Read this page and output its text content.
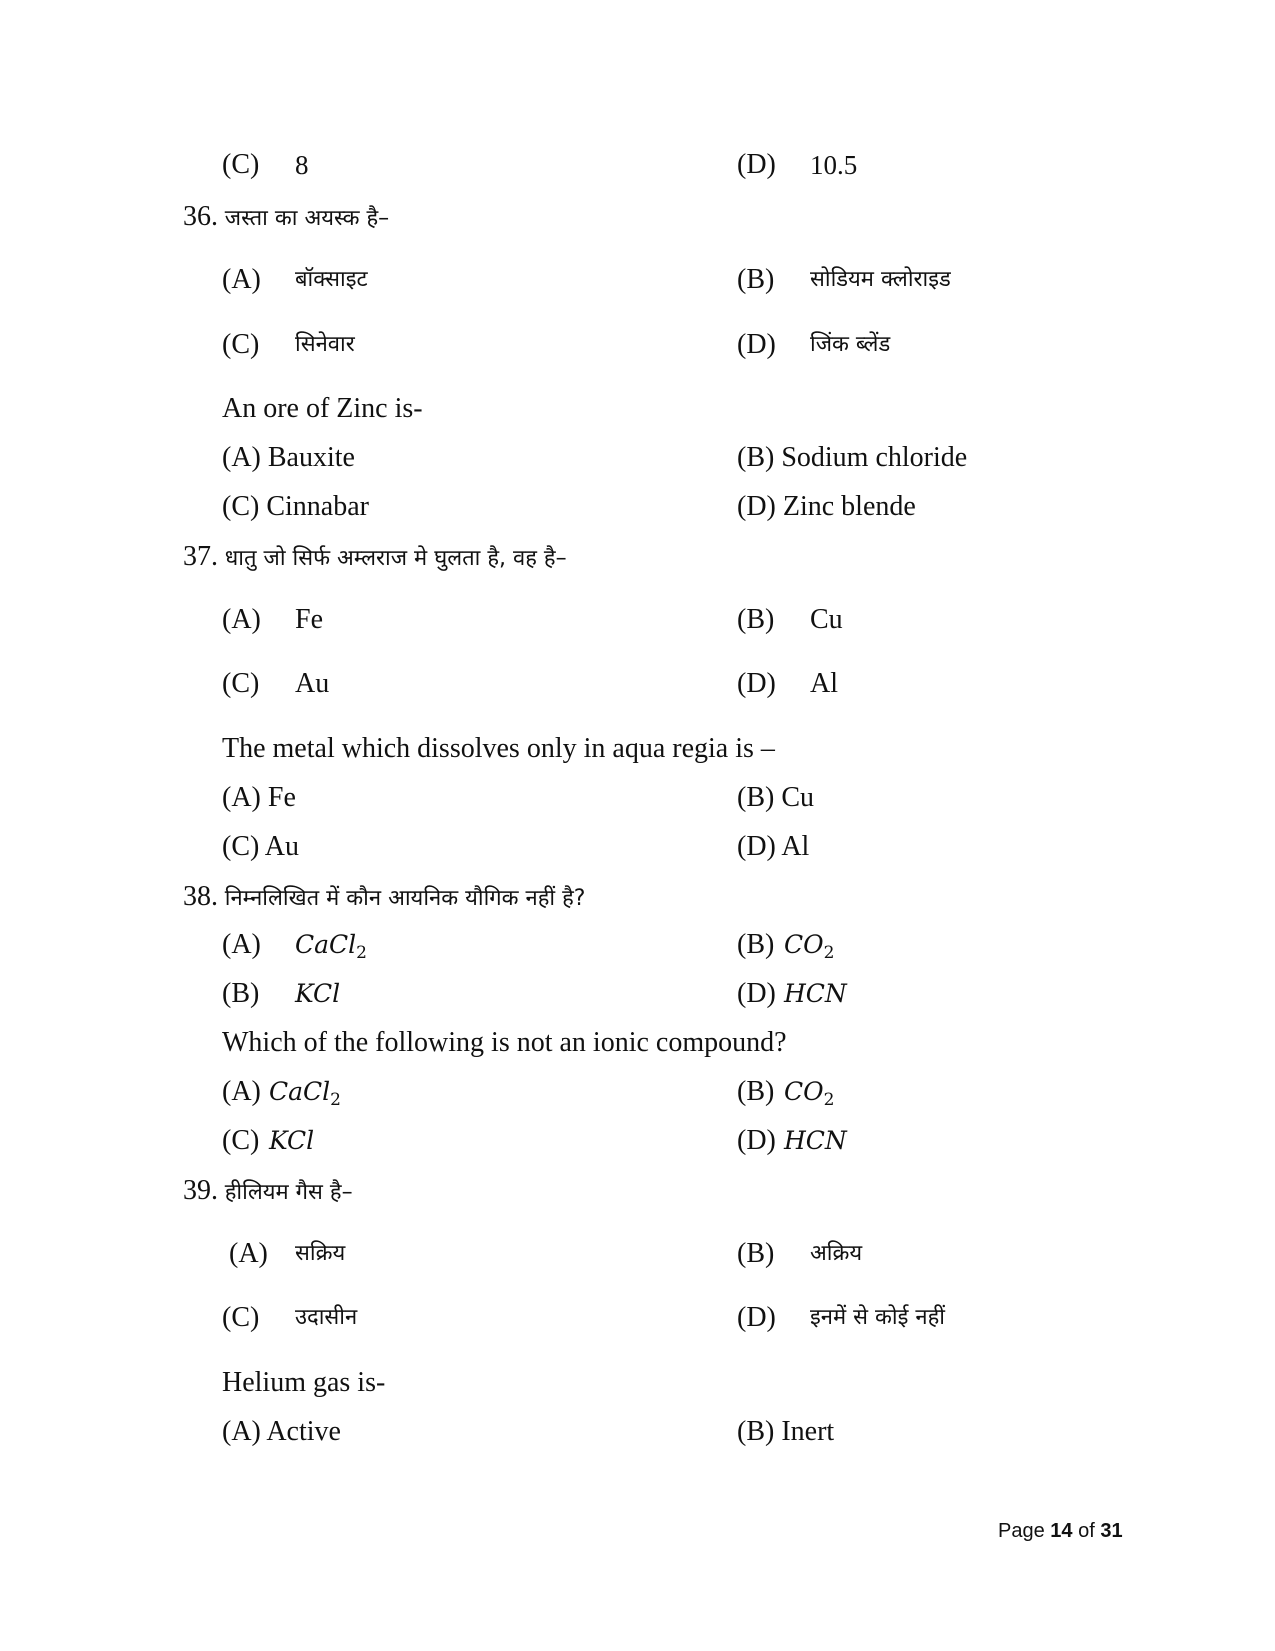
(C) 8	(D) 10.5
36. जस्ता का अयस्क है–
(A) बॉक्साइट	(B) सोडियम क्लोराइड
(C) सिनेवार	(D) जिंक ब्लेंड
An ore of Zinc is-
(A) Bauxite	(B) Sodium chloride
(C) Cinnabar	(D) Zinc blende
37. धातु जो सिर्फ अम्लराज मे घुलता है, वह है–
(A) Fe	(B) Cu
(C) Au	(D) Al
The metal which dissolves only in aqua regia is –
(A) Fe	(B) Cu
(C) Au	(D) Al
38. निम्नलिखित में कौन आयनिक यौगिक नहीं है?
(A) CaCl$_2$	(B) $CO_2$
(B) KCl	(D) HCN
Which of the following is not an ionic compound?
(A) CaCl$_2$	(B) $CO_2$
(C) KCl	(D) HCN
39. हीलियम गैस है–
(A) सक्रिय	(B) अक्रिय
(C) उदासीन	(D) इनमें से कोई नहीं
Helium gas is-
(A) Active	(B) Inert
Page 14 of 31
